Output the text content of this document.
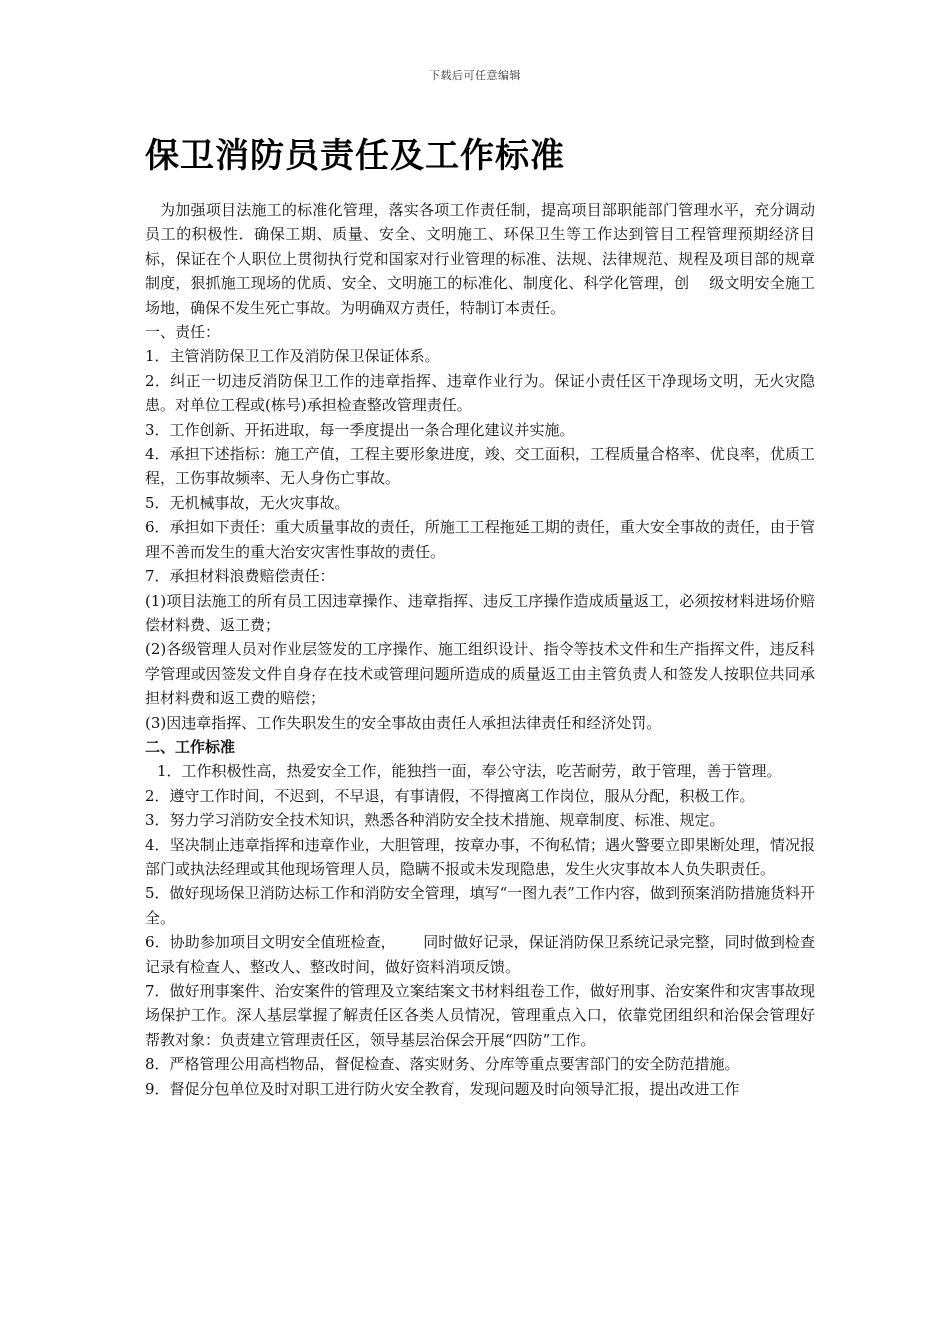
下载后可任意编辑
保卫消防员责任及工作标准

为加强项目法施工的标准化管理，落实各项工作责任制，提高项目部职能部门管理水平，充分调动员工的积极性．确保工期、质量、安全、文明施工、环保卫生等工作达到管目工程管理预期经济目标，保证在个人职位上贯彻执行党和国家对行业管理的标准、法规、法律规范、规程及项目部的规章制度，狠抓施工现场的优质、安全、文明施工的标准化、制度化、科学化管理，创　 级文明安全施工场地，确保不发生死亡事故。为明确双方责任，特制订本责任。

一、责任：

1．主管消防保卫工作及消防保卫保证体系。

2．纠正一切违反消防保卫工作的违章指挥、违章作业行为。保证小责任区干净现场文明，无火灾隐患。对单位工程或(栋号)承担检查整改管理责任。

3．工作创新、开拓进取，每一季度提出一条合理化建议并实施。

4．承担下述指标：施工产值，工程主要形象进度，竣、交工面积，工程质量合格率、优良率，优质工程，工伤事故频率、无人身伤亡事故。

5．无机械事故，无火灾事故。

6．承担如下责任：重大质量事故的责任，所施工工程拖延工期的责任，重大安全事故的责任，由于管理不善而发生的重大治安灾害性事故的责任。

7．承担材料浪费赔偿责任：

(1)项目法施工的所有员工因违章操作、违章指挥、违反工序操作造成质量返工，必须按材料进场价赔偿材料费、返工费；

(2)各级管理人员对作业层签发的工序操作、施工组织设计、指令等技术文件和生产指挥文件，违反科学管理或因签发文件自身存在技术或管理问题所造成的质量返工由主管负责人和签发人按职位共同承担材料费和返工费的赔偿；

(3)因违章指挥、工作失职发生的安全事故由责任人承担法律责任和经济处罚。

二、工作标准

1．工作积极性高，热爱安全工作，能独挡一面，奉公守法，吃苦耐劳，敢于管理，善于管理。

2．遵守工作时间，不迟到，不早退，有事请假，不得擅离工作岗位，服从分配，积极工作。

3．努力学习消防安全技术知识，熟悉各种消防安全技术措施、规章制度、标准、规定。

4．坚决制止违章指挥和违章作业，大胆管理，按章办事，不徇私情；遇火警要立即果断处理，情况报部门或执法经理或其他现场管理人员，隐瞒不报或未发现隐患，发生火灾事故本人负失职责任。

5．做好现场保卫消防达标工作和消防安全管理，填写“一图九表”工作内容，做到预案消防措施货料开全。

6．协助参加项目文明安全值班检查，　　 同时做好记录，保证消防保卫系统记录完整，同时做到检查记录有检查人、整改人、整改时间，做好资料消项反馈。

7．做好刑事案件、治安案件的管理及立案结案文书材料组卷工作，做好刑事、治安案件和灾害事故现场保护工作。深人基层掌握了解责任区各类人员情况，管理重点入口，依靠党团组织和治保会管理好帮教对象：负责建立管理责任区，领导基层治保会开展“四防”工作。

8．严格管理公用高档物品，督促检查、落实财务、分库等重点要害部门的安全防范措施。

9．督促分包单位及时对职工进行防火安全教育，发现问题及时向领导汇报，提出改进工作
